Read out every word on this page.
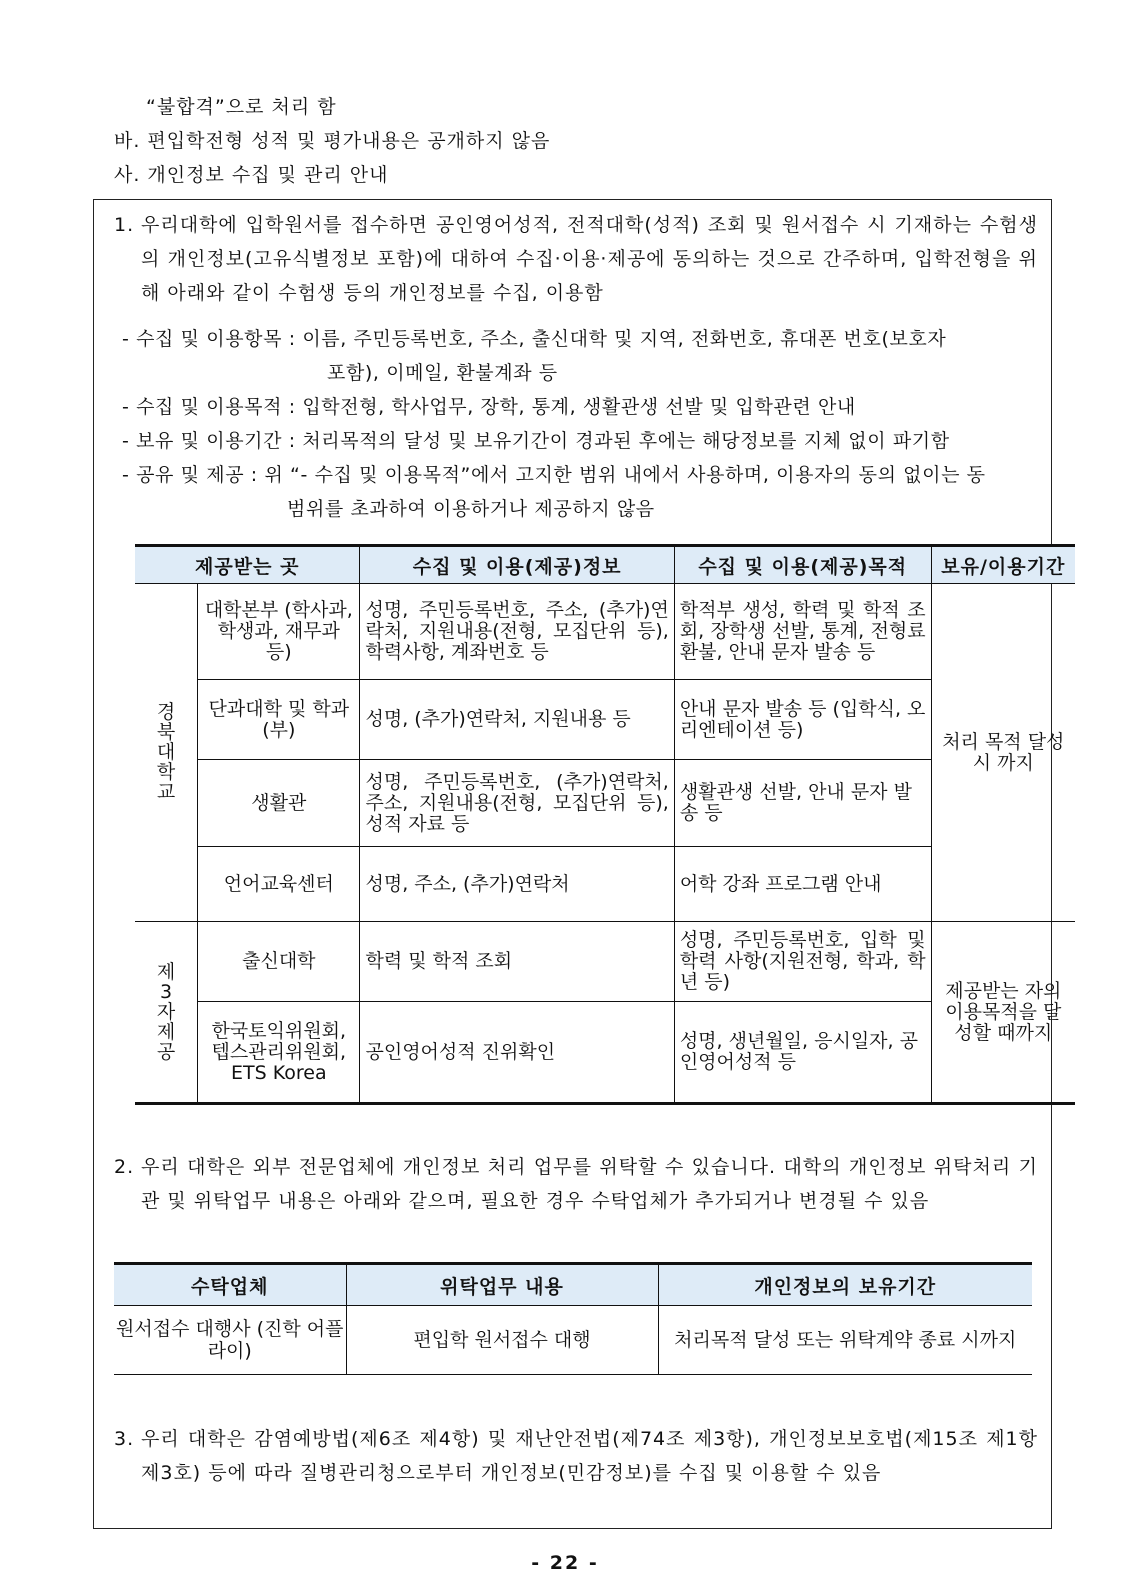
“불합격”으로 처리 함
바. 편입학전형 성적 및 평가내용은 공개하지 않음
사. 개인정보 수집 및 관리 안내
1. 우리대학에 입학원서를 접수하면 공인영어성적, 전적대학(성적) 조회 및 원서접수 시 기재하는 수험생의 개인정보(고유식별정보 포함)에 대하여 수집·이용·제공에 동의하는 것으로 간주하며, 입학전형을 위해 아래와 같이 수험생 등의 개인정보를 수집, 이용함
- 수집 및 이용항목 : 이름, 주민등록번호, 주소, 출신대학 및 지역, 전화번호, 휴대폰 번호(보호자
포함), 이메일, 환불계좌 등
- 수집 및 이용목적 : 입학전형, 학사업무, 장학, 통계, 생활관생 선발 및 입학관련 안내
- 보유 및 이용기간 : 처리목적의 달성 및 보유기간이 경과된 후에는 해당정보를 지체 없이 파기함
- 공유 및 제공 : 위 “- 수집 및 이용목적”에서 고지한 범위 내에서 사용하며, 이용자의 동의 없이는 동
범위를 초과하여 이용하거나 제공하지 않음
제공받는 곳		수집 및 이용(제공)정보	수집 및 이용(제공)목적	보유/이용기간
경북대학교	대학본부 (학사과, 학생과, 재무과 등)	성명, 주민등록번호, 주소, (추가)연락처, 지원내용(전형, 모집단위 등), 학력사항, 계좌번호 등	학적부 생성, 학력 및 학적 조회, 장학생 선발, 통계, 전형료 환불, 안내 문자 발송 등	처리 목적 달성시 까지
	단과대학 및 학과(부)	성명, (추가)연락처, 지원내용 등	안내 문자 발송 등 (입학식, 오리엔테이션 등)	
	생활관	성명, 주민등록번호, (추가)연락처, 주소, 지원내용(전형, 모집단위 등), 성적 자료 등	생활관생 선발, 안내 문자 발송 등	
	언어교육센터	성명, 주소, (추가)연락처	어학 강좌 프로그램 안내	
제3자 제공	출신대학	학력 및 학적 조회	성명, 주민등록번호, 입학 및 학력 사항(지원전형, 학과, 학년 등)	제공받는 자의 이용목적을 달성할 때까지
	한국토익위원회, 텝스관리위원회, ETS Korea	공인영어성적 진위확인	성명, 생년월일, 응시일자, 공인영어성적 등	
2. 우리 대학은 외부 전문업체에 개인정보 처리 업무를 위탁할 수 있습니다. 대학의 개인정보 위탁처리 기관 및 위탁업무 내용은 아래와 같으며, 필요한 경우 수탁업체가 추가되거나 변경될 수 있음
수탁업체	위탁업무 내용	개인정보의 보유기간
원서접수 대행사 (진학 어플라이)	편입학 원서접수 대행	처리목적 달성 또는 위탁계약 종료 시까지
3. 우리 대학은 감염예방법(제6조 제4항) 및 재난안전법(제74조 제3항), 개인정보보호법(제15조 제1항 제3호) 등에 따라 질병관리청으로부터 개인정보(민감정보)를 수집 및 이용할 수 있음
- 22 -
